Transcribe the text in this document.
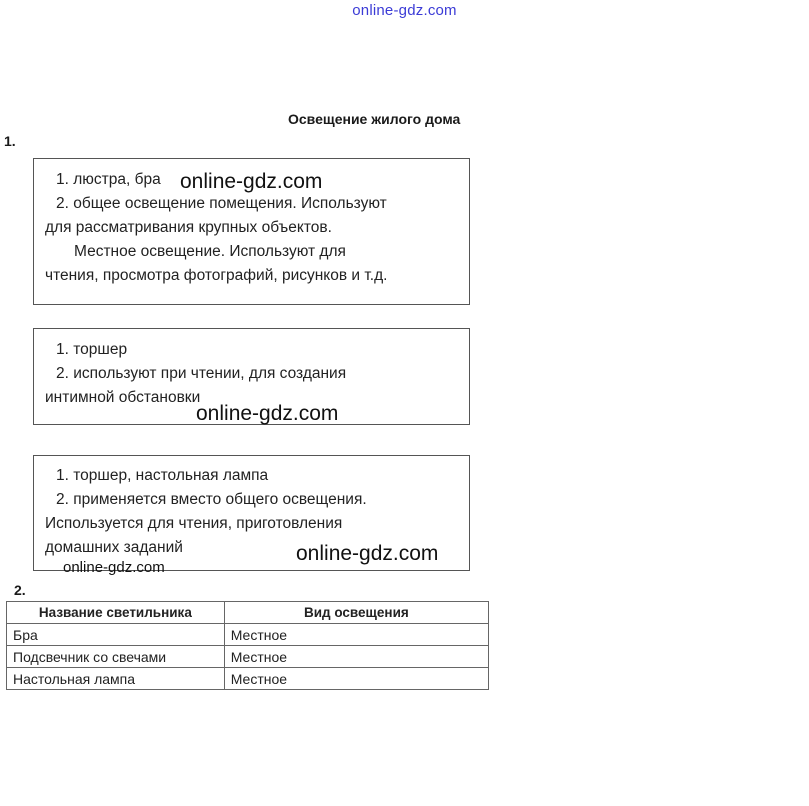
online-gdz.com
Освещение жилого дома
1.
1. люстра, бра
2. общее освещение помещения. Используют
для рассматривания крупных объектов.
Местное освещение. Используют для
чтения, просмотра фотографий, рисунков и т.д.
online-gdz.com
1. торшер
2. используют при чтении, для создания
интимной обстановки
online-gdz.com
1. торшер, настольная лампа
2. применяется вместо общего освещения.
Используется для чтения, приготовления
домашних заданий	online-gdz.com
online-gdz.com
2.
Название светильника	Вид освещения
Бра	Местное
Подсвечник со свечами	Местное
Настольная лампа	Местное
